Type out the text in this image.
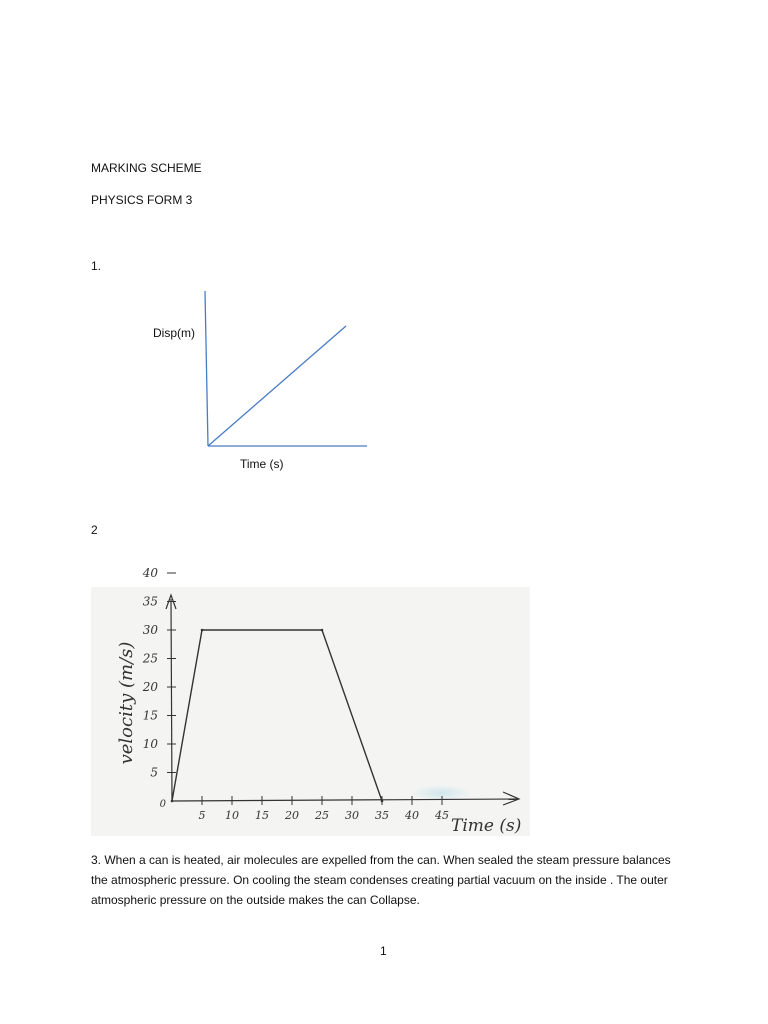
MARKING SCHEME
PHYSICS FORM 3
1.
Disp(m)
Time (s)
2
0
5 10 15 20 25 30 35 40 45
5
10
15
20
25
30
35
40
velocity (m/s)
Time (s)
3. When a can is heated, air molecules are expelled from the can. When sealed the steam pressure balances the atmospheric pressure. On cooling the steam condenses creating partial vacuum on the inside . The outer atmospheric pressure on the outside makes the can Collapse.
1
